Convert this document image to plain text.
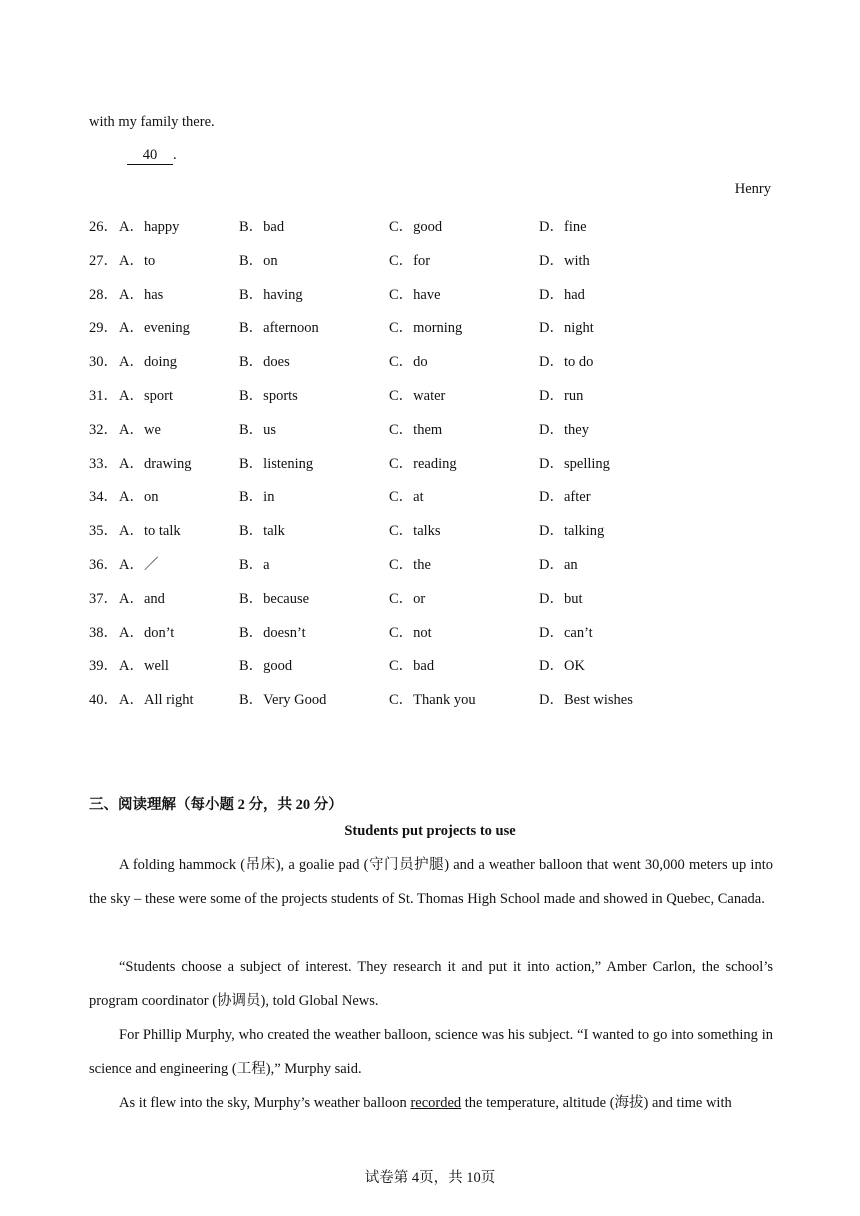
with my family there.
40 .
Henry
26． A．happy	B．bad	C．good	D．fine
27． A．to	B．on	C．for	D．with
28． A．has	B．having	C．have	D．had
29． A．evening	B．afternoon	C．morning	D．night
30． A．doing	B．does	C．do	D．to do
31． A．sport	B．sports	C．water	D．run
32． A．we	B．us	C．them	D．they
33． A．drawing	B．listening	C．reading	D．spelling
34． A．on	B．in	C．at	D．after
35． A．to talk	B．talk	C．talks	D．talking
36． A．／	B．a	C．the	D．an
37． A．and	B．because	C．or	D．but
38． A．don’t	B．doesn’t	C．not	D．can’t
39． A．well	B．good	C．bad	D．OK
40． A．All right	B．Very Good	C．Thank you	D．Best wishes
三、阅读理解（每小题 2 分，共 20 分）
Students put projects to use
A folding hammock (吊床), a goalie pad (守门员护腿) and a weather balloon that went 30,000 meters up into the sky – these were some of the projects students of St. Thomas High School made and showed in Quebec, Canada.
“Students choose a subject of interest. They research it and put it into action,” Amber Carlon, the school’s program coordinator (协调员), told Global News.
For Phillip Murphy, who created the weather balloon, science was his subject. “I wanted to go into something in science and engineering (工程),” Murphy said.
As it flew into the sky, Murphy’s weather balloon recorded the temperature, altitude (海拔) and time with
试卷第 4页，共 10页
